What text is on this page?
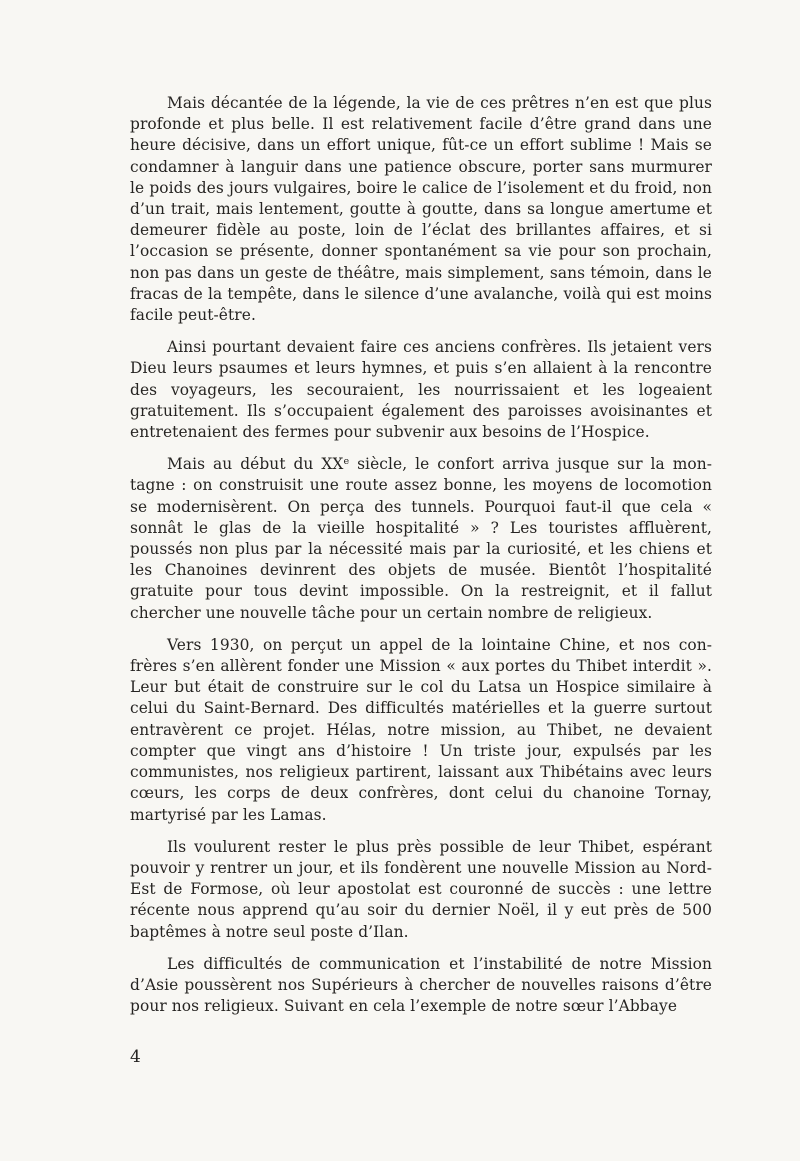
Mais décantée de la légende, la vie de ces prêtres n’en est que plus profonde et plus belle. Il est relativement facile d’être grand dans une heure décisive, dans un effort unique, fût-ce un effort sublime ! Mais se condamner à languir dans une patience obscure, porter sans murmurer le poids des jours vulgaires, boire le calice de l’isolement et du froid, non d’un trait, mais lentement, goutte à goutte, dans sa longue amertume et demeurer fidèle au poste, loin de l’éclat des brillantes affaires, et si l’occasion se présente, donner spontanément sa vie pour son prochain, non pas dans un geste de théâtre, mais simplement, sans témoin, dans le fracas de la tempête, dans le silence d’une avalanche, voilà qui est moins facile peut-être.

Ainsi pourtant devaient faire ces anciens confrères. Ils jetaient vers Dieu leurs psaumes et leurs hymnes, et puis s’en allaient à la rencontre des voyageurs, les secouraient, les nourrissaient et les logeaient gratuitement. Ils s’occupaient également des paroisses avoisinantes et entretenaient des fermes pour subvenir aux besoins de l’Hospice.

Mais au début du XXe siècle, le confort arriva jusque sur la montagne : on construisit une route assez bonne, les moyens de locomotion se modernisèrent. On perça des tunnels. Pourquoi faut-il que cela « sonnât le glas de la vieille hospitalité » ? Les touristes affluèrent, poussés non plus par la nécessité mais par la curiosité, et les chiens et les Chanoines devinrent des objets de musée. Bientôt l’hospitalité gratuite pour tous devint impossible. On la restreignit, et il fallut chercher une nouvelle tâche pour un certain nombre de religieux.

Vers 1930, on perçut un appel de la lointaine Chine, et nos confrères s’en allèrent fonder une Mission « aux portes du Thibet interdit ». Leur but était de construire sur le col du Latsa un Hospice similaire à celui du Saint-Bernard. Des difficultés matérielles et la guerre surtout entravèrent ce projet. Hélas, notre mission, au Thibet, ne devaient compter que vingt ans d’histoire ! Un triste jour, expulsés par les communistes, nos religieux partirent, laissant aux Thibétains avec leurs cœurs, les corps de deux confrères, dont celui du chanoine Tornay, martyrisé par les Lamas.

Ils voulurent rester le plus près possible de leur Thibet, espérant pouvoir y rentrer un jour, et ils fondèrent une nouvelle Mission au Nord-Est de Formose, où leur apostolat est couronné de succès : une lettre récente nous apprend qu’au soir du dernier Noël, il y eut près de 500 baptêmes à notre seul poste d’Ilan.

Les difficultés de communication et l’instabilité de notre Mission d’Asie poussèrent nos Supérieurs à chercher de nouvelles raisons d’être pour nos religieux. Suivant en cela l’exemple de notre sœur l’Abbaye

4
